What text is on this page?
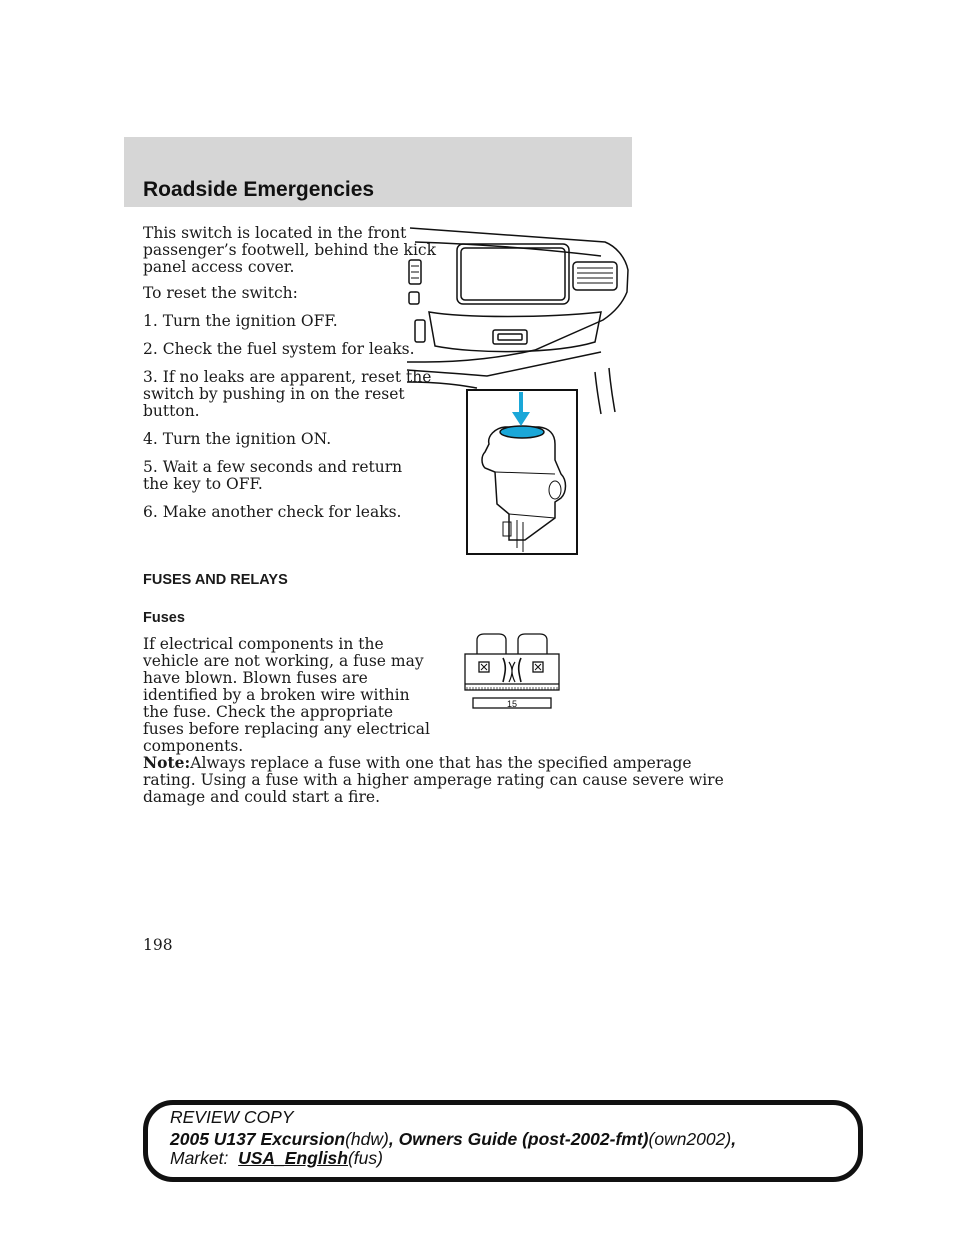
Roadside Emergencies
This switch is located in the front
passenger’s footwell, behind the kick
panel access cover.
To reset the switch:
1. Turn the ignition OFF.
2. Check the fuel system for leaks.
3. If no leaks are apparent, reset the
switch by pushing in on the reset
button.
4. Turn the ignition ON.
5. Wait a few seconds and return
the key to OFF.
6. Make another check for leaks.
FUSES AND RELAYS
Fuses
If electrical components in the
vehicle are not working, a fuse may
have blown. Blown fuses are
identified by a broken wire within
the fuse. Check the appropriate
fuses before replacing any electrical
components.
15
Note:Always replace a fuse with one that has the specified amperage
rating. Using a fuse with a higher amperage rating can cause severe wire
damage and could start a fire.
198
REVIEW COPY
2005 U137 Excursion(hdw), Owners Guide (post-2002-fmt)(own2002),
Market: USA_English(fus)
